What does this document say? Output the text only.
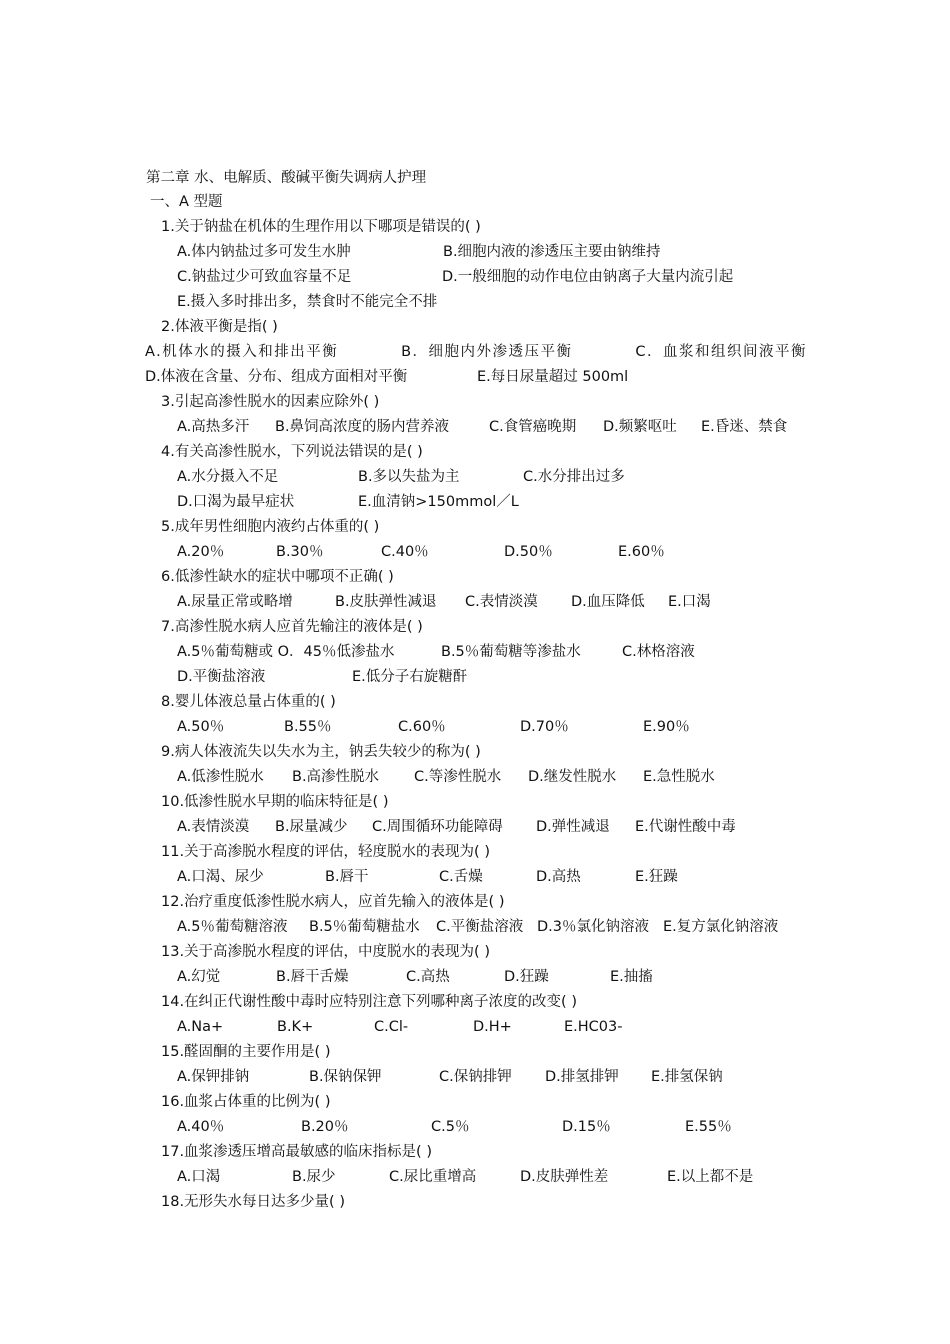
第二章 水、电解质、酸碱平衡失调病人护理
一、A 型题
1.关于钠盐在机体的生理作用以下哪项是错误的( )
A.体内钠盐过多可发生水肿	B.细胞内液的渗透压主要由钠维持
C.钠盐过少可致血容量不足	D.一般细胞的动作电位由钠离子大量内流引起
E.摄入多时排出多，禁食时不能完全不排
2.体液平衡是指( )
A.机体水的摄入和排出平衡	B．细胞内外渗透压平衡	C．血浆和组织间液平衡
D.体液在含量、分布、组成方面相对平衡	E.每日尿量超过 500ml
3.引起高渗性脱水的因素应除外( )
A.高热多汗 B.鼻饲高浓度的肠内营养液	C.食管癌晚期 D.频繁呕吐 E.昏迷、禁食
4.有关高渗性脱水，下列说法错误的是( )
A.水分摄入不足	B.多以失盐为主	C.水分排出过多
D.口渴为最早症状	E.血清钠>150mmol／L
5.成年男性细胞内液约占体重的( )
A.20％	B.30％	C.40％	D.50％	E.60％
6.低渗性缺水的症状中哪项不正确( )
A.尿量正常或略增	B.皮肤弹性减退 C.表情淡漠 D.血压降低 E.口渴
7.高渗性脱水病人应首先输注的液体是( )
A.5％葡萄糖或 O．45％低渗盐水	B.5％葡萄糖等渗盐水	C.林格溶液
D.平衡盐溶液	E.低分子右旋糖酐
8.婴儿体液总量占体重的( )
A.50％	B.55％	C.60％	D.70％	E.90％
9.病人体液流失以失水为主，钠丢失较少的称为( )
A.低渗性脱水 B.高渗性脱水 C.等渗性脱水 D.继发性脱水 E.急性脱水
10.低渗性脱水早期的临床特征是( )
A.表情淡漠 B.尿量减少 C.周围循环功能障碍 D.弹性减退 E.代谢性酸中毒
11.关于高渗脱水程度的评估，轻度脱水的表现为( )
A.口渴、尿少	B.唇干	C.舌燥	D.高热	E.狂躁
12.治疗重度低渗性脱水病人，应首先输入的液体是( )
A.5％葡萄糖溶液 B.5％葡萄糖盐水 C.平衡盐溶液 D.3％氯化钠溶液 E.复方氯化钠溶液
13.关于高渗脱水程度的评估，中度脱水的表现为( )
A.幻觉	B.唇干舌燥	C.高热	D.狂躁	E.抽搐
14.在纠正代谢性酸中毒时应特别注意下列哪种离子浓度的改变( )
A.Na+	B.K+	C.Cl-	D.H+	E.HC03-
15.醛固酮的主要作用是( )
A.保钾排钠	B.保钠保钾	C.保钠排钾 D.排氢排钾 E.排氢保钠
16.血浆占体重的比例为( )
A.40％	B.20％	C.5％	D.15％	E.55％
17.血浆渗透压增高最敏感的临床指标是( )
A.口渴	B.尿少	C.尿比重增高	D.皮肤弹性差	E.以上都不是
18.无形失水每日达多少量( )
